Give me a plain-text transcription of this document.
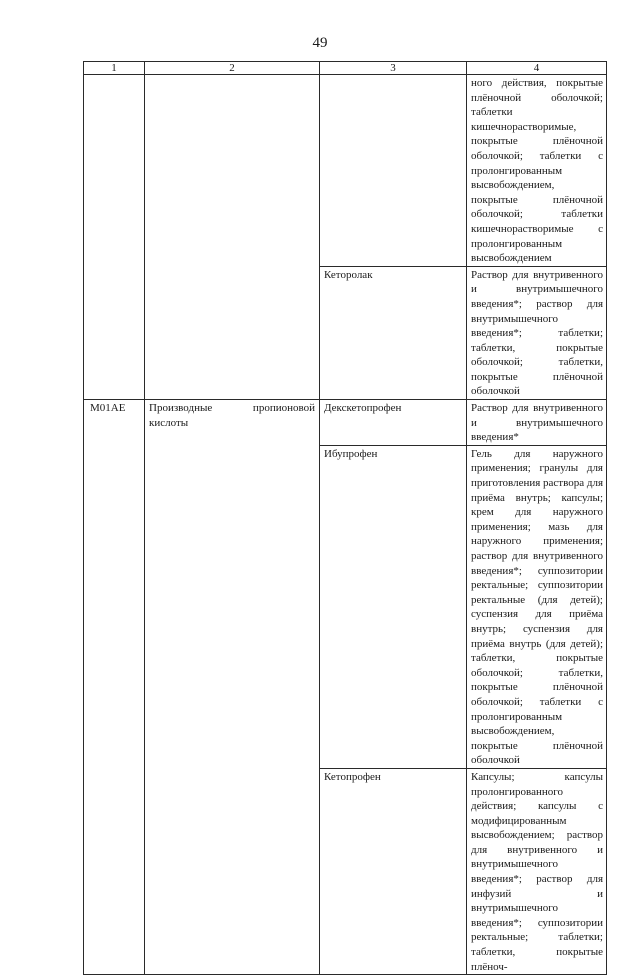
49
1	2	3	4
			ного действия, покрытые плёночной оболочкой; таблетки кишечнорастворимые, покрытые плёночной оболочкой; таблетки с пролонгированным высвобождением, покрытые плёночной оболочкой; таблетки кишечнорастворимые с пролонгированным высвобождением
		Кеторолак	Раствор для внутривенного и внутримышечного введения*; раствор для внутримышечного введения*; таблетки; таблетки, покрытые оболочкой; таблетки, покрытые плёночной оболочкой
M01AE	Производные пропионовой кислоты	Декскетопрофен	Раствор для внутривенного и внутримышечного введения*
		Ибупрофен	Гель для наружного применения; гранулы для приготовления раствора для приёма внутрь; капсулы; крем для наружного применения; мазь для наружного применения; раствор для внутривенного введения*; суппозитории ректальные; суппозитории ректальные (для детей); суспензия для приёма внутрь; суспензия для приёма внутрь (для детей); таблетки, покрытые оболочкой; таблетки, покрытые плёночной оболочкой; таблетки с пролонгированным высвобождением, покрытые плёночной оболочкой
		Кетопрофен	Капсулы; капсулы пролонгированного действия; капсулы с модифицированным высвобождением; раствор для внутривенного и внутримышечного введения*; раствор для инфузий и внутримышечного введения*; суппозитории ректальные; таблетки; таблетки, покрытые плёноч-
